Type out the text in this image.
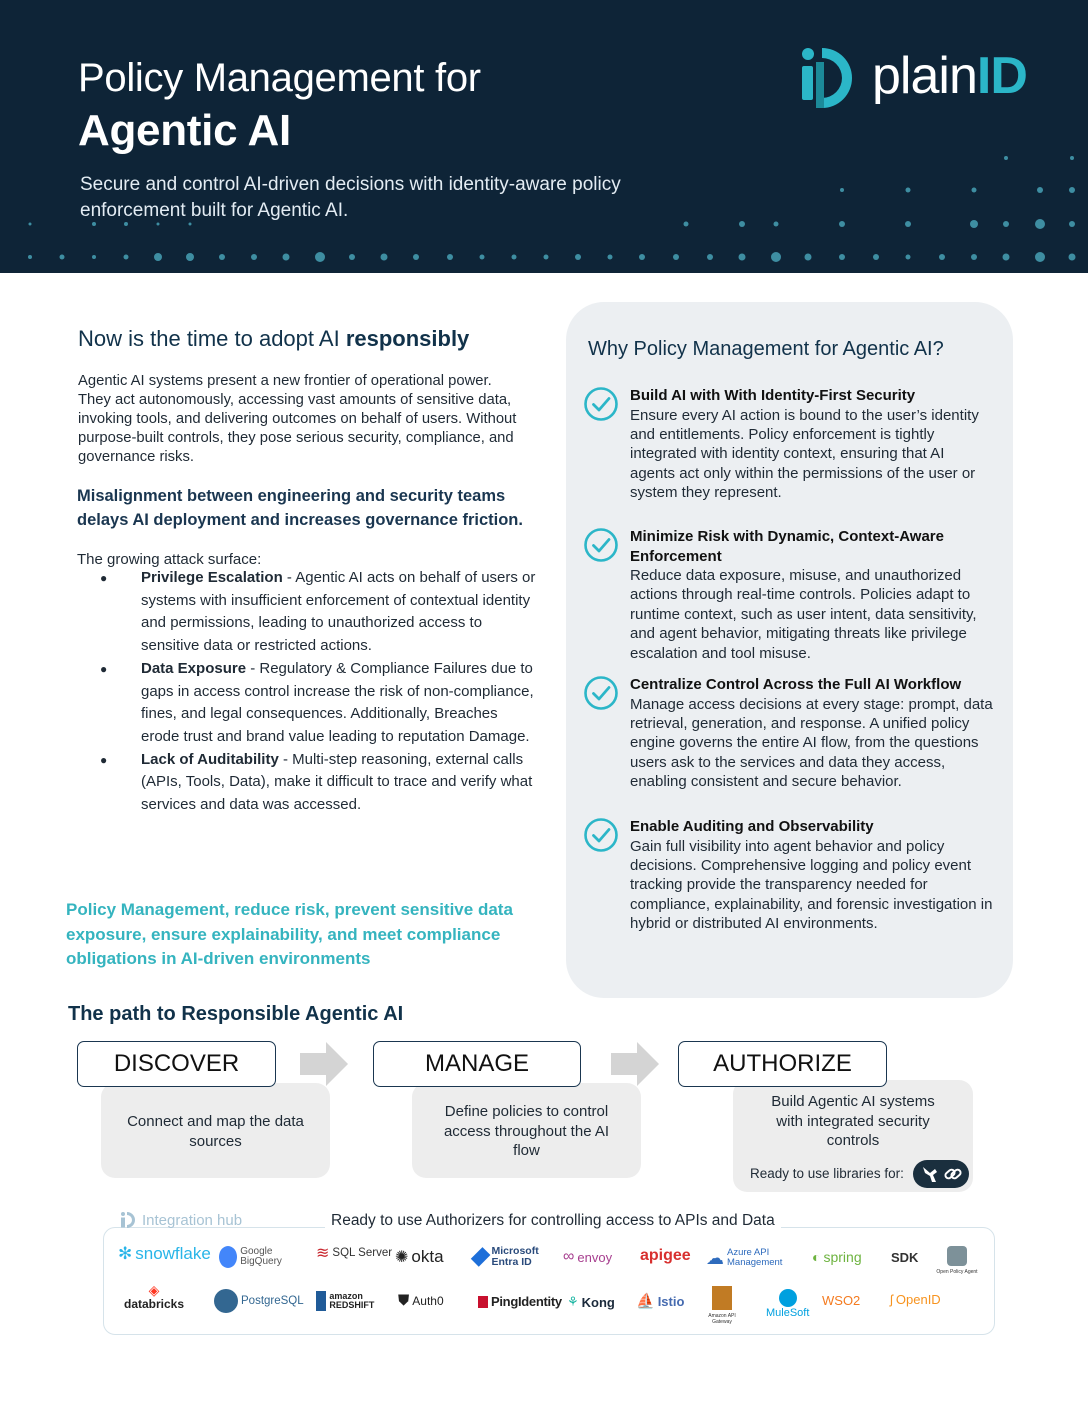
Policy Management for
Agentic AI
Secure and control AI-driven decisions with identity-aware policy enforcement built for Agentic AI.
plainID
Now is the time to adopt AI responsibly
Agentic AI systems present a new frontier of operational power. They act autonomously, accessing vast amounts of sensitive data, invoking tools, and delivering outcomes on behalf of users. Without purpose-built controls, they pose serious security, compliance, and governance risks.
Misalignment between engineering and security teams delays AI deployment and increases governance friction.
The growing attack surface:
● Privilege Escalation - Agentic AI acts on behalf of users or systems with insufficient enforcement of contextual identity and permissions, leading to unauthorized access to sensitive data or restricted actions.
● Data Exposure - Regulatory & Compliance Failures due to gaps in access control increase the risk of non-compliance, fines, and legal consequences. Additionally, Breaches erode trust and brand value leading to reputation Damage.
● Lack of Auditability - Multi-step reasoning, external calls (APIs, Tools, Data), make it difficult to trace and verify what services and data was accessed.
Policy Management, reduce risk, prevent sensitive data exposure, ensure explainability, and meet compliance obligations in AI-driven environments
Why Policy Management for Agentic AI?
Build AI with With Identity-First Security
Ensure every AI action is bound to the user’s identity and entitlements. Policy enforcement is tightly integrated with identity context, ensuring that AI agents act only within the permissions of the user or system they represent.
Minimize Risk with Dynamic, Context-Aware Enforcement
Reduce data exposure, misuse, and unauthorized actions through real-time controls. Policies adapt to runtime context, such as user intent, data sensitivity, and agent behavior, mitigating threats like privilege escalation and tool misuse.
Centralize Control Across the Full AI Workflow
Manage access decisions at every stage: prompt, data retrieval, generation, and response. A unified policy engine governs the entire AI flow, from the questions users ask to the services and data they access, enabling consistent and secure behavior.
Enable Auditing and Observability
Gain full visibility into agent behavior and policy decisions. Comprehensive logging and policy event tracking provide the transparency needed for compliance, explainability, and forensic investigation in hybrid or distributed AI environments.
The path to Responsible Agentic AI
Connect and map the data sources
Define policies to control access throughout the AI flow
Build Agentic AI systems with integrated security controls
DISCOVER	MANAGE	AUTHORIZE
Ready to use libraries for:
Integration hub	Ready to use Authorizers for controlling access to APIs and Data
✻ snowflake	Google BigQuery	≋ SQL Server ✺ okta	Microsoft Entra ID	∞ envoy apigee ☁ Azure API Management	◐ spring SDK
Open Policy Agent
◈
databricks	PostgreSQL	amazon REDSHIFT ⛊ Auth0	PingIdentity ⚘ Kong ⛵ Istio
Amazon API Gateway
MuleSoft
WSO2 ʃ OpenID
